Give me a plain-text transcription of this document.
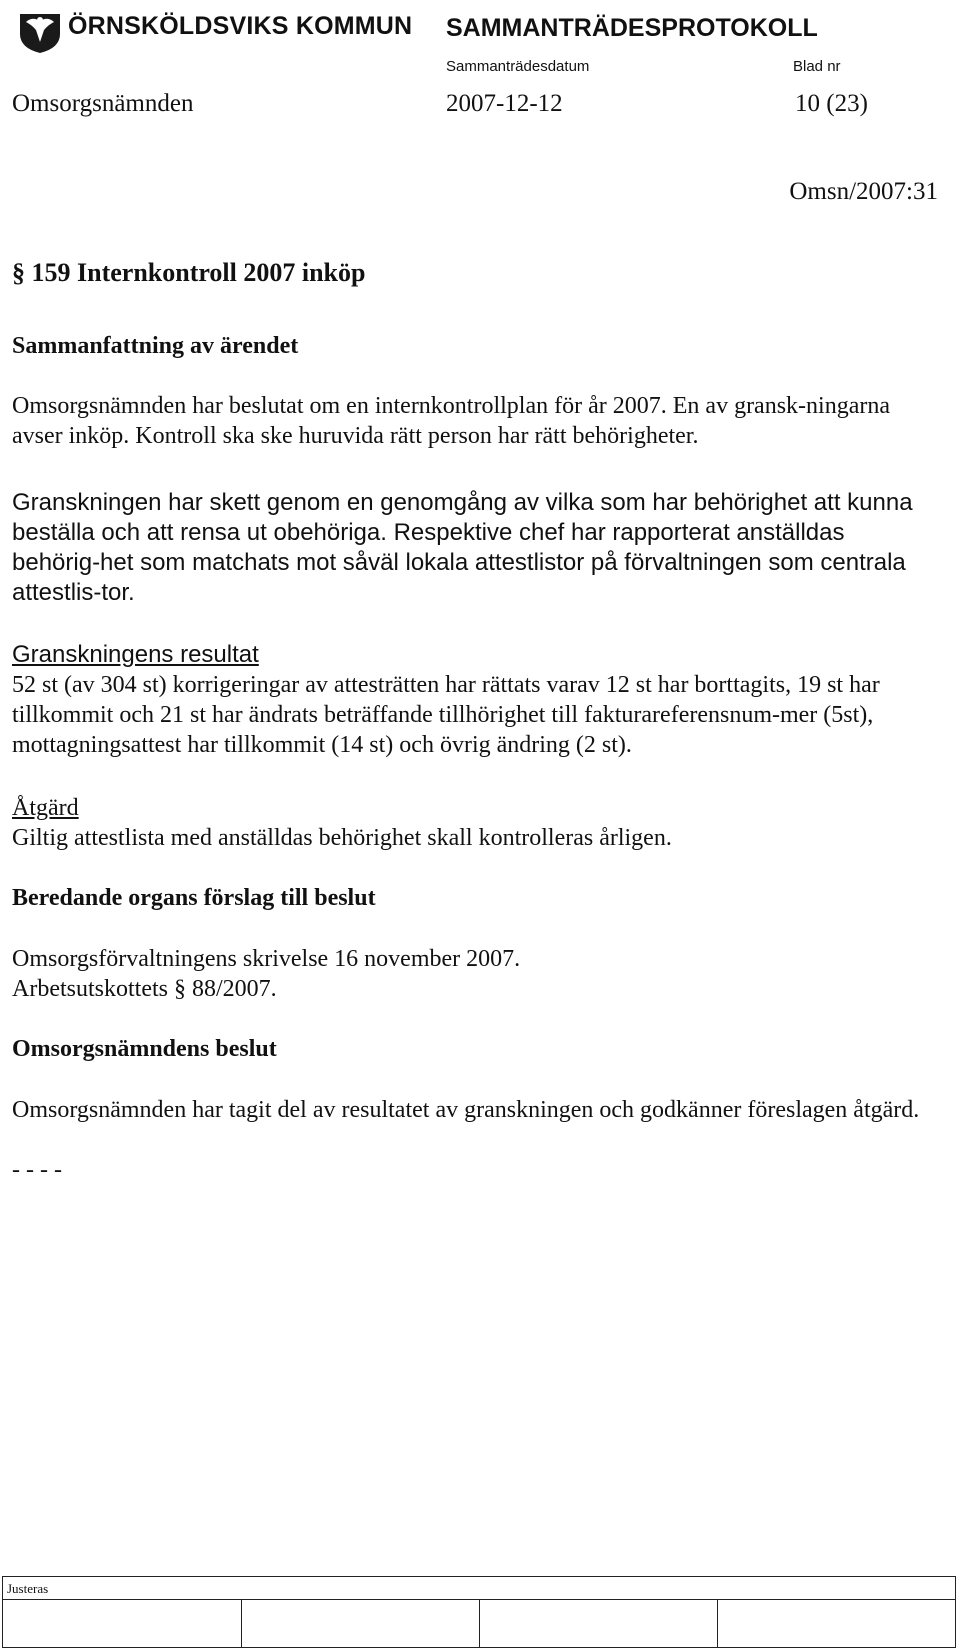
ÖRNSKÖLDSVIKS KOMMUN SAMMANTRÄDESPROTOKOLL
Sammanträdesdatum	Blad nr
Omsorgsnämnden	2007-12-12	10 (23)
Omsn/2007:31
§ 159 Internkontroll 2007 inköp
Sammanfattning av ärendet
Omsorgsnämnden har beslutat om en internkontrollplan för år 2007. En av gransk-ningarna avser inköp. Kontroll ska ske huruvida rätt person har rätt behörigheter.
Granskningen har skett genom en genomgång av vilka som har behörighet att kunna beställa och att rensa ut obehöriga. Respektive chef har rapporterat anställdas behörig-het som matchats mot såväl lokala attestlistor på förvaltningen som centrala attestlis-tor.
Granskningens resultat
52 st (av 304 st) korrigeringar av attesträtten har rättats varav 12 st har borttagits, 19 st har tillkommit och 21 st har ändrats beträffande tillhörighet till fakturareferensnum-mer (5st), mottagningsattest har tillkommit (14 st) och övrig ändring (2 st).
Åtgärd
Giltig attestlista med anställdas behörighet skall kontrolleras årligen.
Beredande organs förslag till beslut
Omsorgsförvaltningens skrivelse 16 november 2007.
Arbetsutskottets § 88/2007.
Omsorgsnämndens beslut
Omsorgsnämnden har tagit del av resultatet av granskningen och godkänner föreslagen åtgärd.
- - - -
Justeras
